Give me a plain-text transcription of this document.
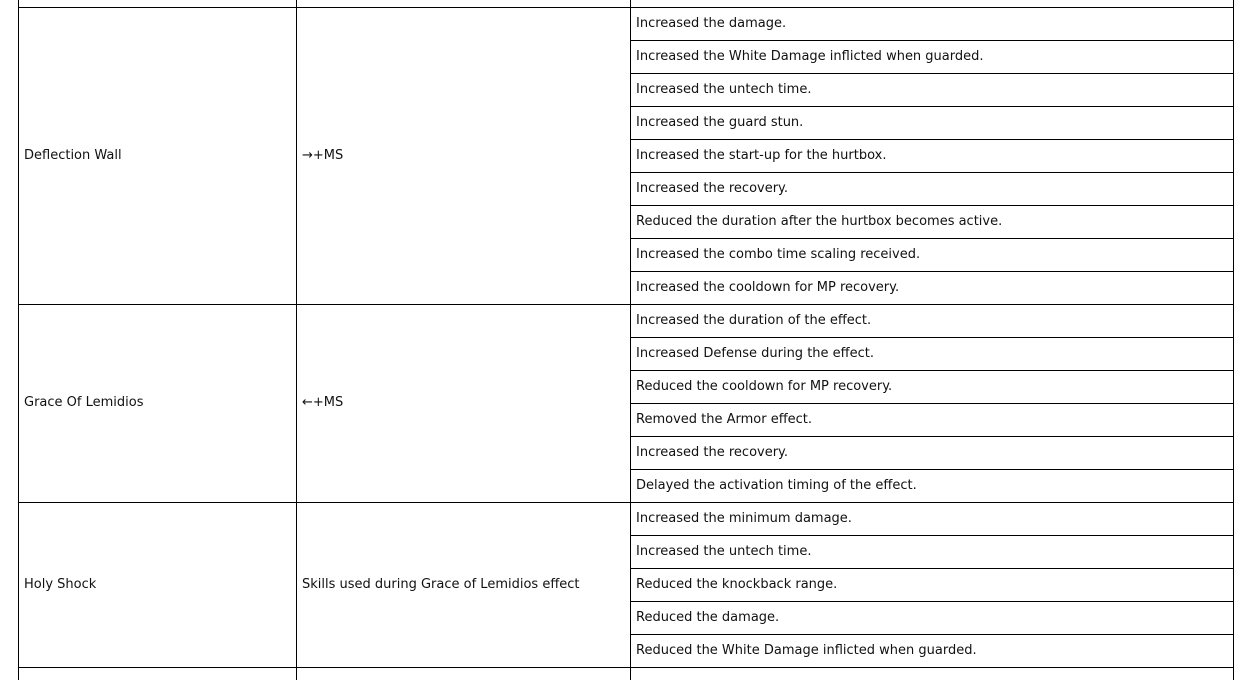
Deflection Wall	→+MS
Increased the damage.
Increased the White Damage inflicted when guarded.
Increased the untech time.
Increased the guard stun.
Increased the start-up for the hurtbox.
Increased the recovery.
Reduced the duration after the hurtbox becomes active.
Increased the combo time scaling received.
Increased the cooldown for MP recovery.
Grace Of Lemidios	←+MS
Increased the duration of the effect.
Increased Defense during the effect.
Reduced the cooldown for MP recovery.
Removed the Armor effect.
Increased the recovery.
Delayed the activation timing of the effect.
Holy Shock	Skills used during Grace of Lemidios effect
Increased the minimum damage.
Increased the untech time.
Reduced the knockback range.
Reduced the damage.
Reduced the White Damage inflicted when guarded.
